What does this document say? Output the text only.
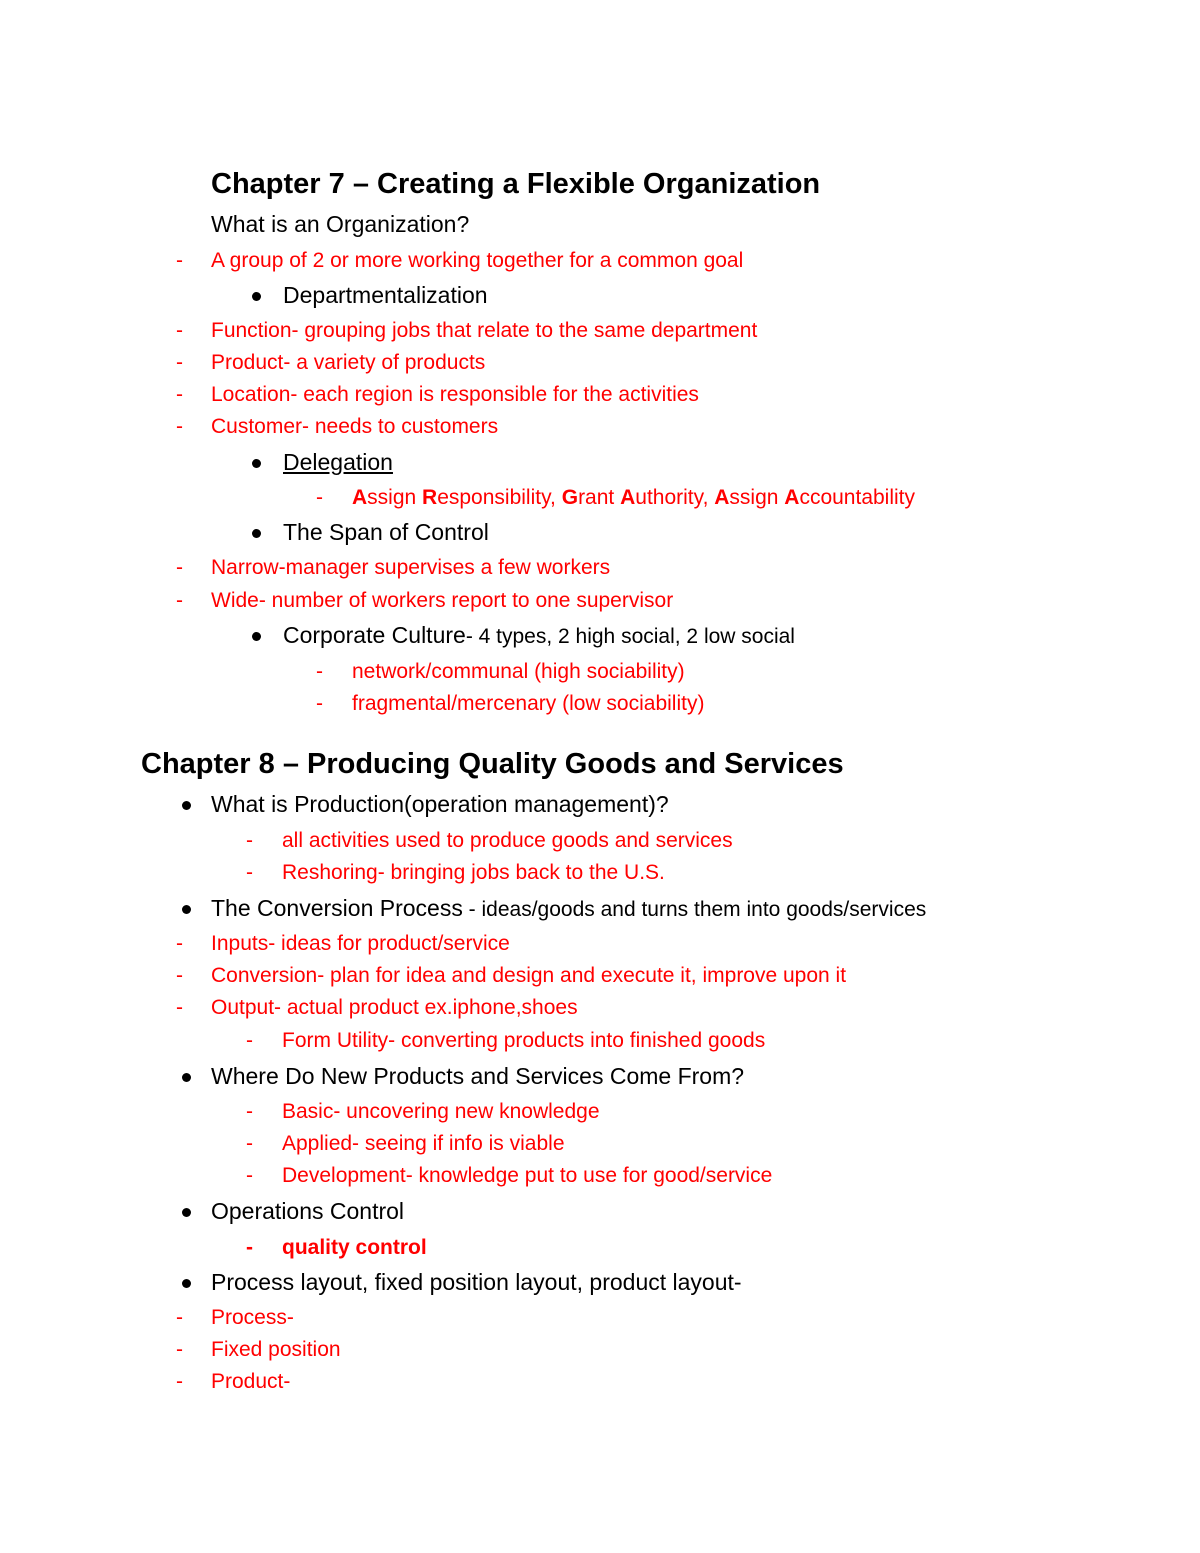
Chapter 7 – Creating a Flexible Organization
What is an Organization?
- A group of 2 or more working together for a common goal
Departmentalization
- Function- grouping jobs that relate to the same department
- Product- a variety of products
- Location- each region is responsible for the activities
- Customer- needs to customers
Delegation
- Assign Responsibility, Grant Authority, Assign Accountability
The Span of Control
- Narrow-manager supervises a few workers
- Wide- number of workers report to one supervisor
Corporate Culture- 4 types, 2 high social, 2 low social
- network/communal (high sociability)
- fragmental/mercenary (low sociability)
Chapter 8 – Producing Quality Goods and Services
What is Production(operation management)?
- all activities used to produce goods and services
- Reshoring- bringing jobs back to the U.S.
The Conversion Process - ideas/goods and turns them into goods/services
- Inputs- ideas for product/service
- Conversion- plan for idea and design and execute it, improve upon it
- Output- actual product ex.iphone,shoes
- Form Utility- converting products into finished goods
Where Do New Products and Services Come From?
- Basic- uncovering new knowledge
- Applied- seeing if info is viable
- Development- knowledge put to use for good/service
Operations Control
- quality control
Process layout, fixed position layout, product layout-
- Process-
- Fixed position
- Product-
